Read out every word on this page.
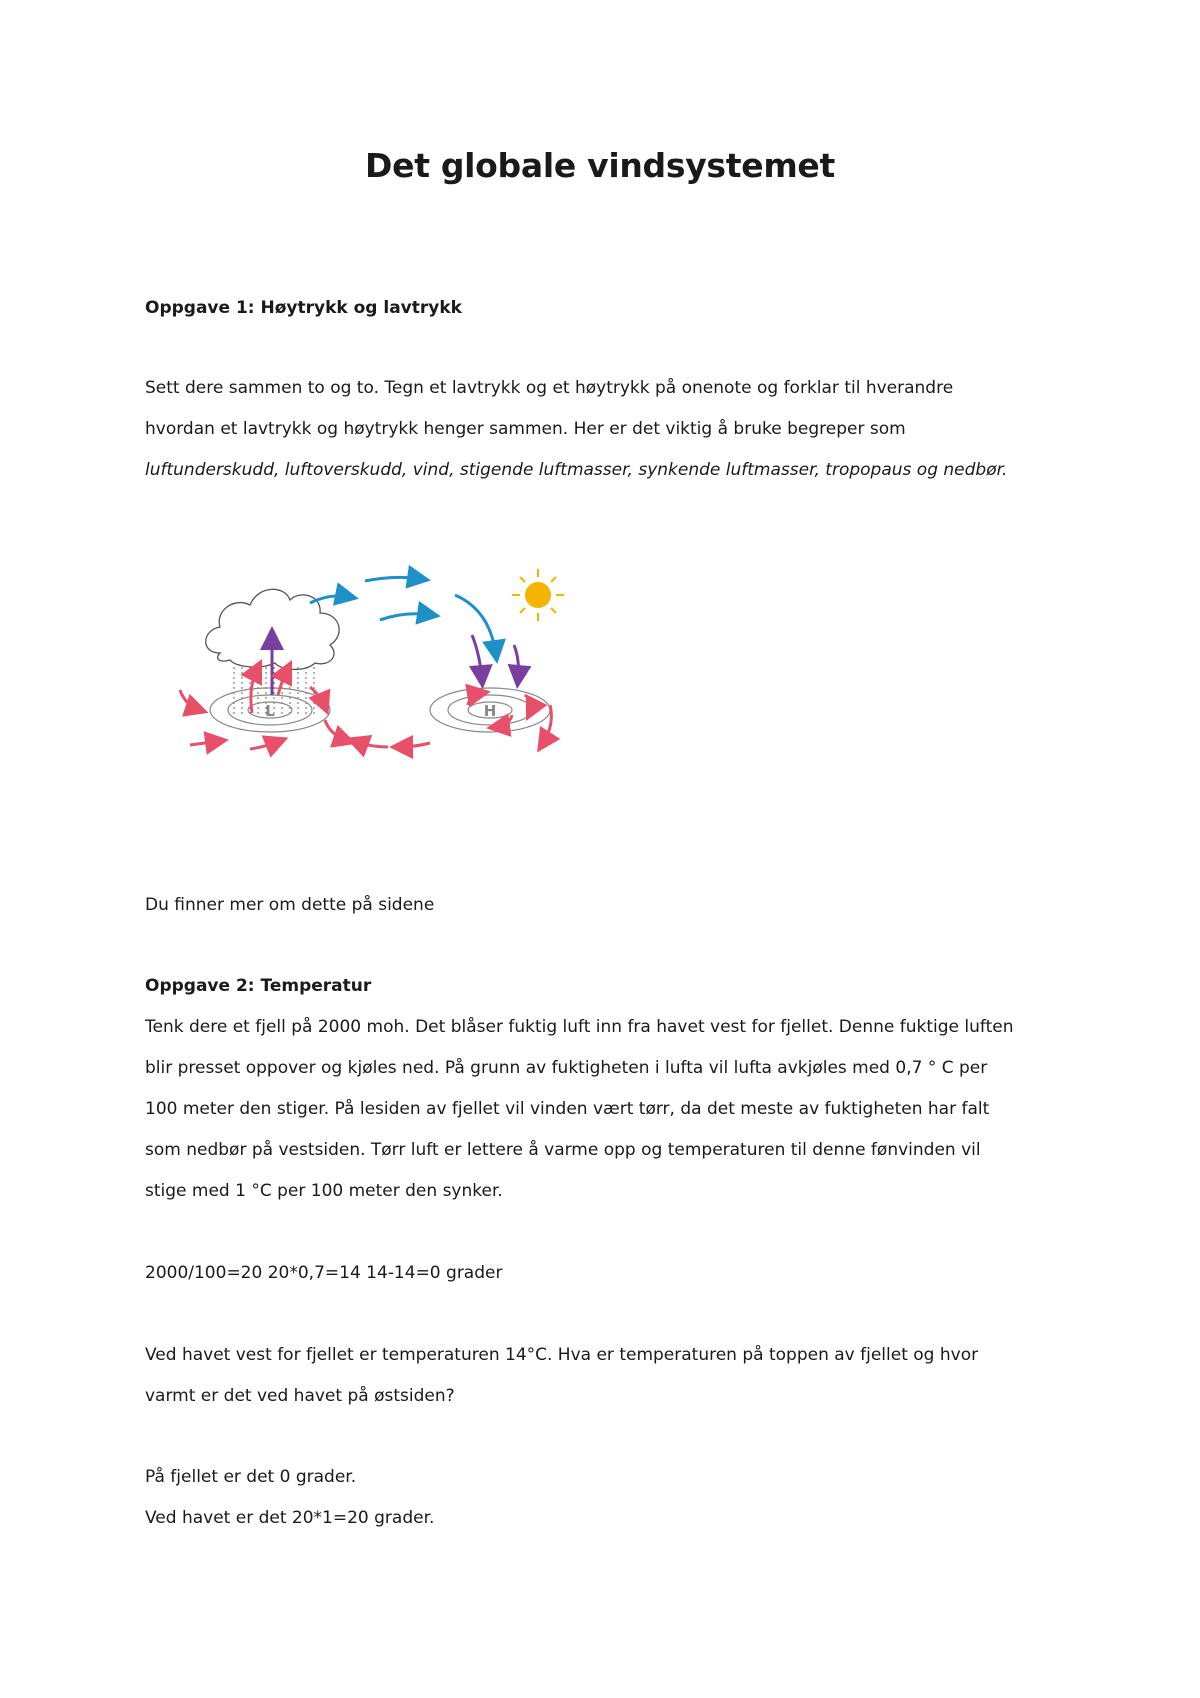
Det globale vindsystemet

Oppgave 1: Høytrykk og lavtrykk

Sett dere sammen to og to. Tegn et lavtrykk og et høytrykk på onenote og forklar til hverandre

hvordan et lavtrykk og høytrykk henger sammen. Her er det viktig å bruke begreper som

luftunderskudd, luftoverskudd, vind, stigende luftmasser, synkende luftmasser, tropopaus og nedbør.

L	H

Du finner mer om dette på sidene

Oppgave 2: Temperatur

Tenk dere et fjell på 2000 moh. Det blåser fuktig luft inn fra havet vest for fjellet. Denne fuktige luften

blir presset oppover og kjøles ned. På grunn av fuktigheten i lufta vil lufta avkjøles med 0,7 ° C per

100 meter den stiger. På lesiden av fjellet vil vinden vært tørr, da det meste av fuktigheten har falt

som nedbør på vestsiden. Tørr luft er lettere å varme opp og temperaturen til denne fønvinden vil

stige med 1 °C per 100 meter den synker.

2000/100=20 20*0,7=14 14-14=0 grader

Ved havet vest for fjellet er temperaturen 14°C. Hva er temperaturen på toppen av fjellet og hvor

varmt er det ved havet på østsiden?

På fjellet er det 0 grader.

Ved havet er det 20*1=20 grader.
